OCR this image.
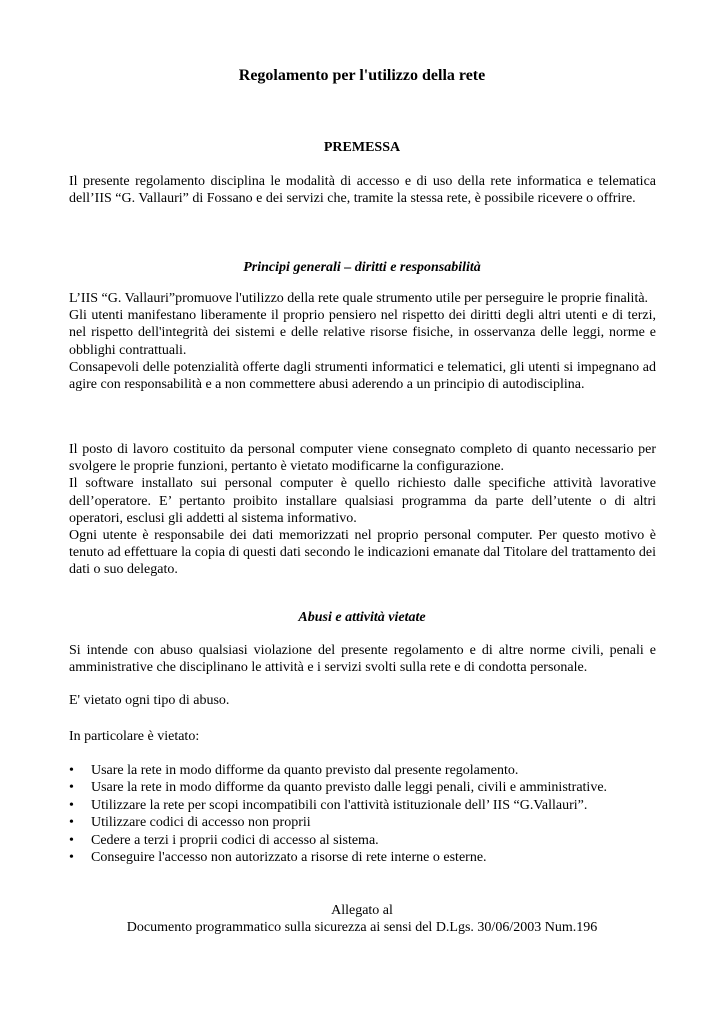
Regolamento per l'utilizzo della rete
PREMESSA

Il presente regolamento disciplina le modalità di accesso e di uso della rete informatica e telematica dell’IIS “G. Vallauri” di Fossano e dei servizi che, tramite la stessa rete, è possibile ricevere o offrire.

Principi generali – diritti e responsabilità

L’IIS “G. Vallauri”promuove l'utilizzo della rete quale strumento utile per perseguire le proprie finalità.
Gli utenti manifestano liberamente il proprio pensiero nel rispetto dei diritti degli altri utenti e di terzi, nel rispetto dell'integrità dei sistemi e delle relative risorse fisiche, in osservanza delle leggi, norme e obblighi contrattuali.
Consapevoli delle potenzialità offerte dagli strumenti informatici e telematici, gli utenti si impegnano ad agire con responsabilità e a non commettere abusi aderendo a un principio di autodisciplina.

Il posto di lavoro costituito da personal computer viene consegnato completo di quanto necessario per svolgere le proprie funzioni, pertanto è vietato modificarne la configurazione.
Il software installato sui personal computer è quello richiesto dalle specifiche attività lavorative dell’operatore. E’ pertanto proibito installare qualsiasi programma da parte dell’utente o di altri operatori, esclusi gli addetti al sistema informativo.
Ogni utente è responsabile dei dati memorizzati nel proprio personal computer. Per questo motivo è tenuto ad effettuare la copia di questi dati secondo le indicazioni emanate dal Titolare del trattamento dei dati o suo delegato.

Abusi e attività vietate

Si intende con abuso qualsiasi violazione del presente regolamento e di altre norme civili, penali e amministrative che disciplinano le attività e i servizi svolti sulla rete e di condotta personale.

E' vietato ogni tipo di abuso.

In particolare è vietato:

• Usare la rete in modo difforme da quanto previsto dal presente regolamento.
• Usare la rete in modo difforme da quanto previsto dalle leggi penali, civili e amministrative.
• Utilizzare la rete per scopi incompatibili con l'attività istituzionale dell’ IIS “G.Vallauri”.
• Utilizzare codici di accesso non proprii
• Cedere a terzi i proprii codici di accesso al sistema.
• Conseguire l'accesso non autorizzato a risorse di rete interne o esterne.
Allegato al
Documento programmatico sulla sicurezza ai sensi del D.Lgs. 30/06/2003 Num.196
